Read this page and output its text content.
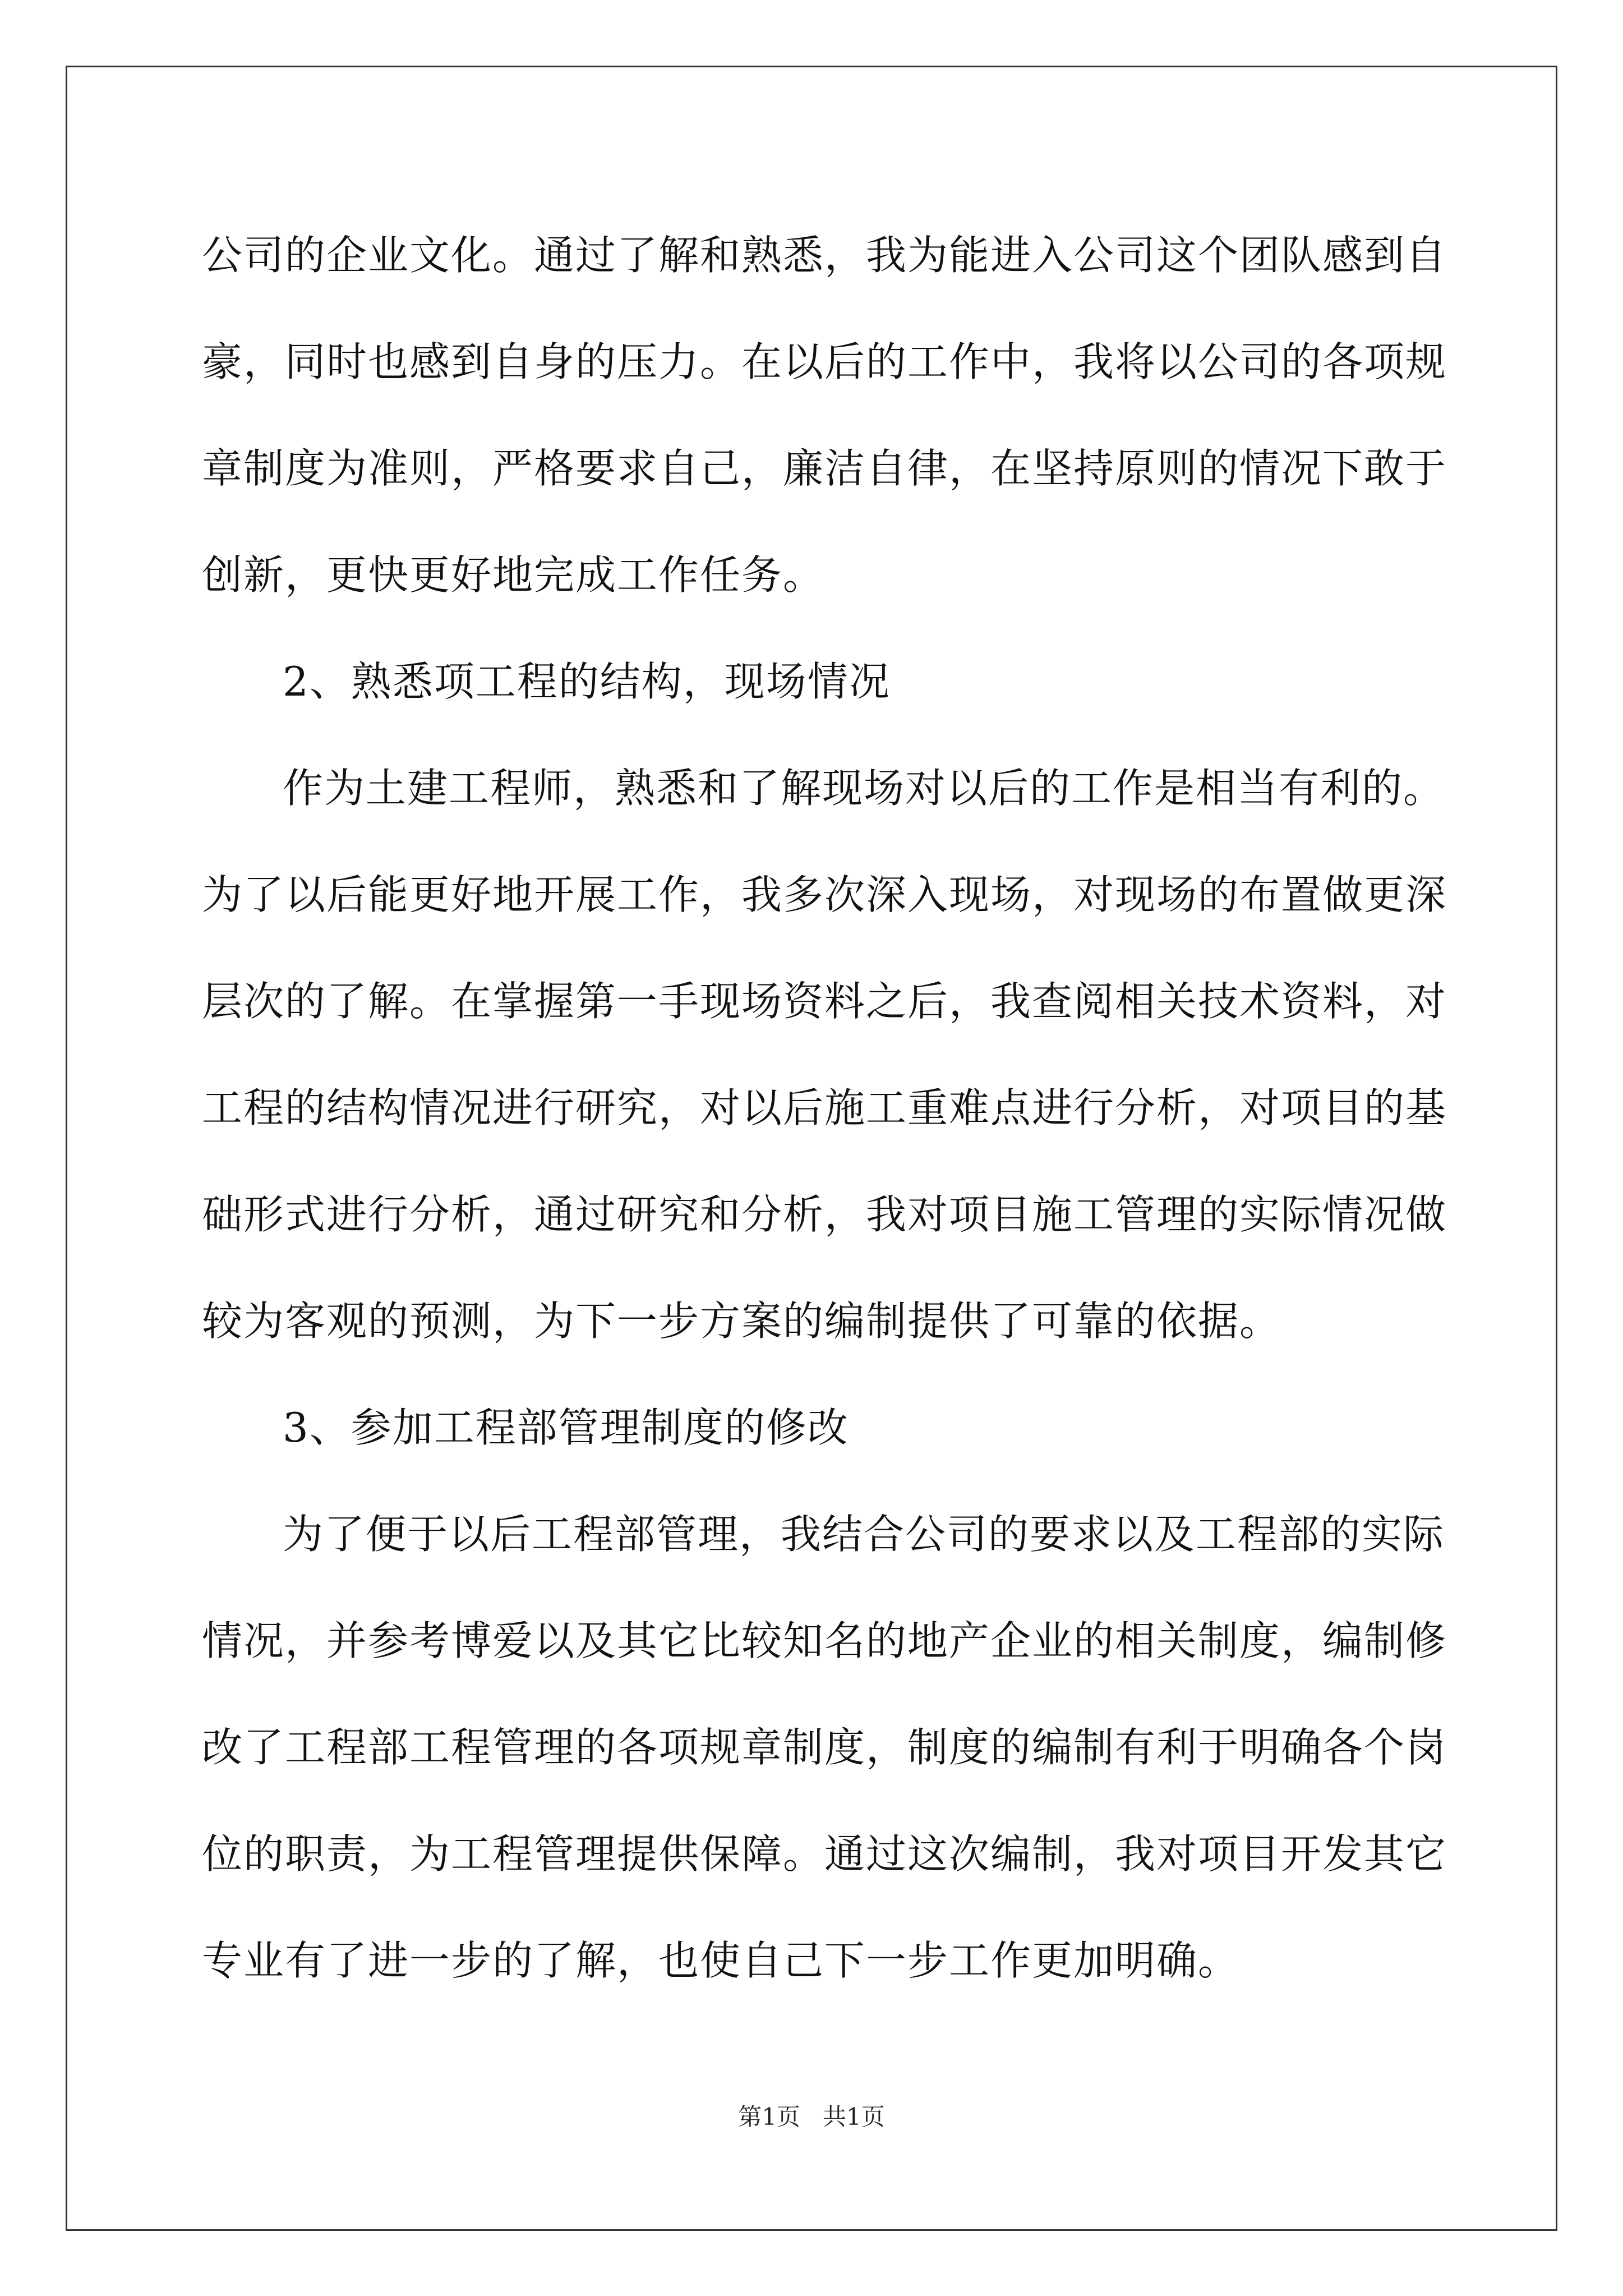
公司的企业文化。通过了解和熟悉，我为能进入公司这个团队感到自
豪，同时也感到自身的压力。在以后的工作中，我将以公司的各项规
章制度为准则，严格要求自己，廉洁自律，在坚持原则的情况下敢于
创新，更快更好地完成工作任务。
2、熟悉项工程的结构，现场情况
作为土建工程师，熟悉和了解现场对以后的工作是相当有利的。
为了以后能更好地开展工作，我多次深入现场，对现场的布置做更深
层次的了解。在掌握第一手现场资料之后，我查阅相关技术资料，对
工程的结构情况进行研究，对以后施工重难点进行分析，对项目的基
础形式进行分析，通过研究和分析，我对项目施工管理的实际情况做
较为客观的预测，为下一步方案的编制提供了可靠的依据。
3、参加工程部管理制度的修改
为了便于以后工程部管理，我结合公司的要求以及工程部的实际
情况，并参考博爱以及其它比较知名的地产企业的相关制度，编制修
改了工程部工程管理的各项规章制度，制度的编制有利于明确各个岗
位的职责，为工程管理提供保障。通过这次编制，我对项目开发其它
专业有了进一步的了解，也使自己下一步工作更加明确。
第1页 共1页
